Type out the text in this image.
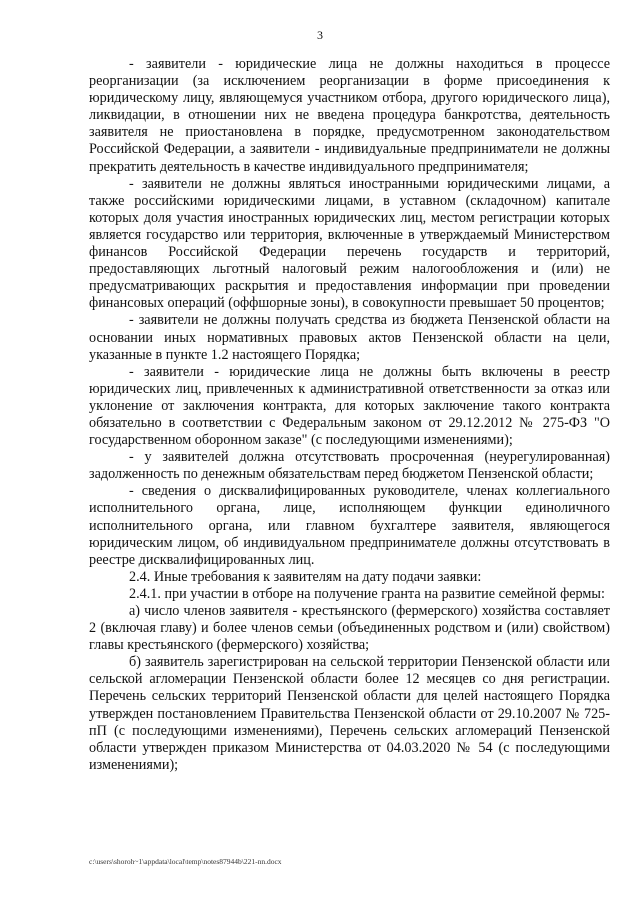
3

- заявители - юридические лица не должны находиться в процессе реорганизации (за исключением реорганизации в форме присоединения к юридическому лицу, являющемуся участником отбора, другого юридического лица), ликвидации, в отношении них не введена процедура банкротства, деятельность заявителя не приостановлена в порядке, предусмотренном законодательством Российской Федерации, а заявители - индивидуальные предприниматели не должны прекратить деятельность в качестве индивидуального предпринимателя;

- заявители не должны являться иностранными юридическими лицами, а также российскими юридическими лицами, в уставном (складочном) капитале которых доля участия иностранных юридических лиц, местом регистрации которых является государство или территория, включенные в утверждаемый Министерством финансов Российской Федерации перечень государств и территорий, предоставляющих льготный налоговый режим налогообложения и (или) не предусматривающих раскрытия и предоставления информации при проведении финансовых операций (оффшорные зоны), в совокупности превышает 50 процентов;

- заявители не должны получать средства из бюджета Пензенской области на основании иных нормативных правовых актов Пензенской области на цели, указанные в пункте 1.2 настоящего Порядка;

- заявители - юридические лица не должны быть включены в реестр юридических лиц, привлеченных к административной ответственности за отказ или уклонение от заключения контракта, для которых заключение такого контракта обязательно в соответствии с Федеральным законом от 29.12.2012 № 275-ФЗ "О государственном оборонном заказе" (с последующими изменениями);

- у заявителей должна отсутствовать просроченная (неурегулированная) задолженность по денежным обязательствам перед бюджетом Пензенской области;

- сведения о дисквалифицированных руководителе, членах коллегиального исполнительного органа, лице, исполняющем функции единоличного исполнительного органа, или главном бухгалтере заявителя, являющегося юридическим лицом, об индивидуальном предпринимателе должны отсутствовать в реестре дисквалифицированных лиц.

2.4. Иные требования к заявителям на дату подачи заявки:

2.4.1. при участии в отборе на получение гранта на развитие семейной фермы:

а) число членов заявителя - крестьянского (фермерского) хозяйства составляет 2 (включая главу) и более членов семьи (объединенных родством и (или) свойством) главы крестьянского (фермерского) хозяйства;

б) заявитель зарегистрирован на сельской территории Пензенской области или сельской агломерации Пензенской области более 12 месяцев со дня регистрации. Перечень сельских территорий Пензенской области для целей настоящего Порядка утвержден постановлением Правительства Пензенской области от 29.10.2007 № 725-пП (с последующими изменениями), Перечень сельских агломераций Пензенской области утвержден приказом Министерства от 04.03.2020 № 54 (с последующими изменениями);

c:\users\shoroh~1\appdata\local\temp\notes87944b\221-nn.docx
